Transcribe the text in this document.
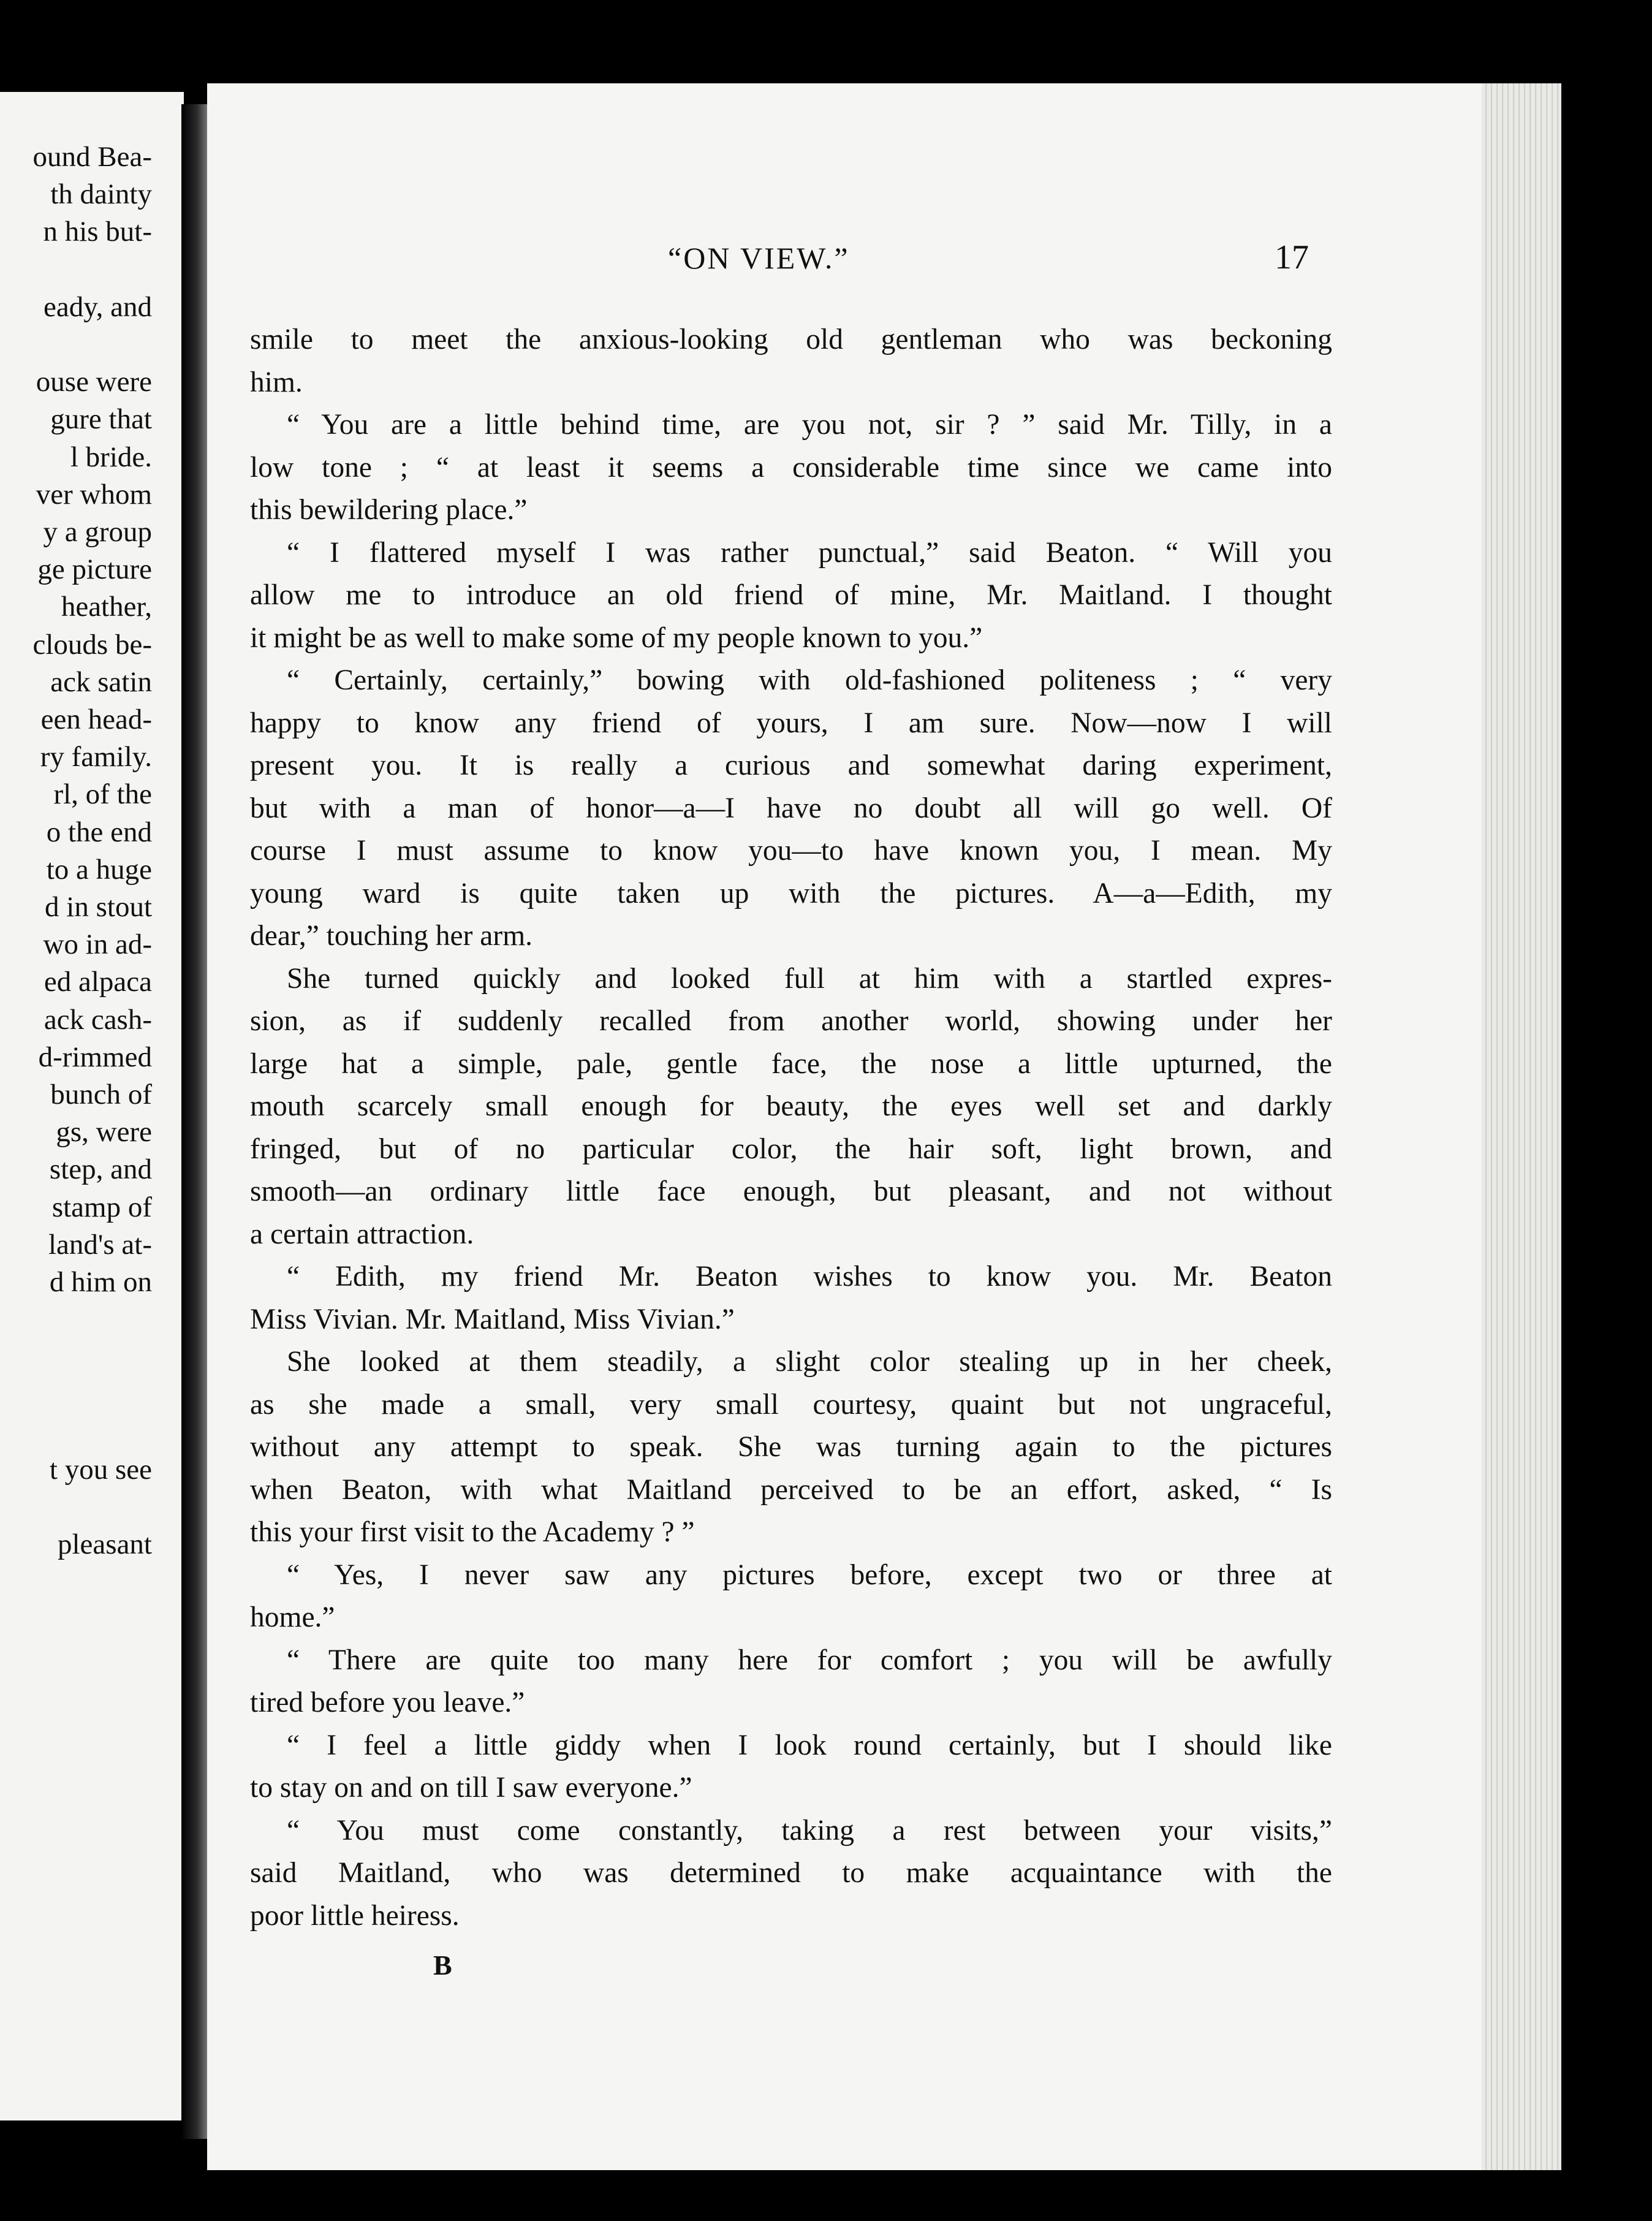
ound Bea-
th dainty
n his but-
eady, and
ouse were
gure that
l bride.
ver whom
y a group
ge picture
heather,
clouds be-
ack satin
een head-
ry family.
rl, of the
o the end
to a huge
d in stout
wo in ad-
ed alpaca
ack cash-
d-rimmed
bunch of
gs, were
step, and
stamp of
land's at-
d him on
t you see
pleasant
“ON VIEW.”	17
smile to meet the anxious-looking old gentleman who was beckoning
him.
“ You are a little behind time, are you not, sir ? ” said Mr. Tilly, in a
low tone ; “ at least it seems a considerable time since we came into
this bewildering place.”
“ I flattered myself I was rather punctual,” said Beaton. “ Will you
allow me to introduce an old friend of mine, Mr. Maitland. I thought
it might be as well to make some of my people known to you.”
“ Certainly, certainly,” bowing with old-fashioned politeness ; “ very
happy to know any friend of yours, I am sure. Now—now I will
present you. It is really a curious and somewhat daring experiment,
but with a man of honor—a—I have no doubt all will go well. Of
course I must assume to know you—to have known you, I mean. My
young ward is quite taken up with the pictures. A—a—Edith, my
dear,” touching her arm.
She turned quickly and looked full at him with a startled expres-
sion, as if suddenly recalled from another world, showing under her
large hat a simple, pale, gentle face, the nose a little upturned, the
mouth scarcely small enough for beauty, the eyes well set and darkly
fringed, but of no particular color, the hair soft, light brown, and
smooth—an ordinary little face enough, but pleasant, and not without
a certain attraction.
“ Edith, my friend Mr. Beaton wishes to know you. Mr. Beaton
Miss Vivian. Mr. Maitland, Miss Vivian.”
She looked at them steadily, a slight color stealing up in her cheek,
as she made a small, very small courtesy, quaint but not ungraceful,
without any attempt to speak. She was turning again to the pictures
when Beaton, with what Maitland perceived to be an effort, asked, “ Is
this your first visit to the Academy ? ”
“ Yes, I never saw any pictures before, except two or three at
home.”
“ There are quite too many here for comfort ; you will be awfully
tired before you leave.”
“ I feel a little giddy when I look round certainly, but I should like
to stay on and on till I saw everyone.”
“ You must come constantly, taking a rest between your visits,”
said Maitland, who was determined to make acquaintance with the
poor little heiress.
B
